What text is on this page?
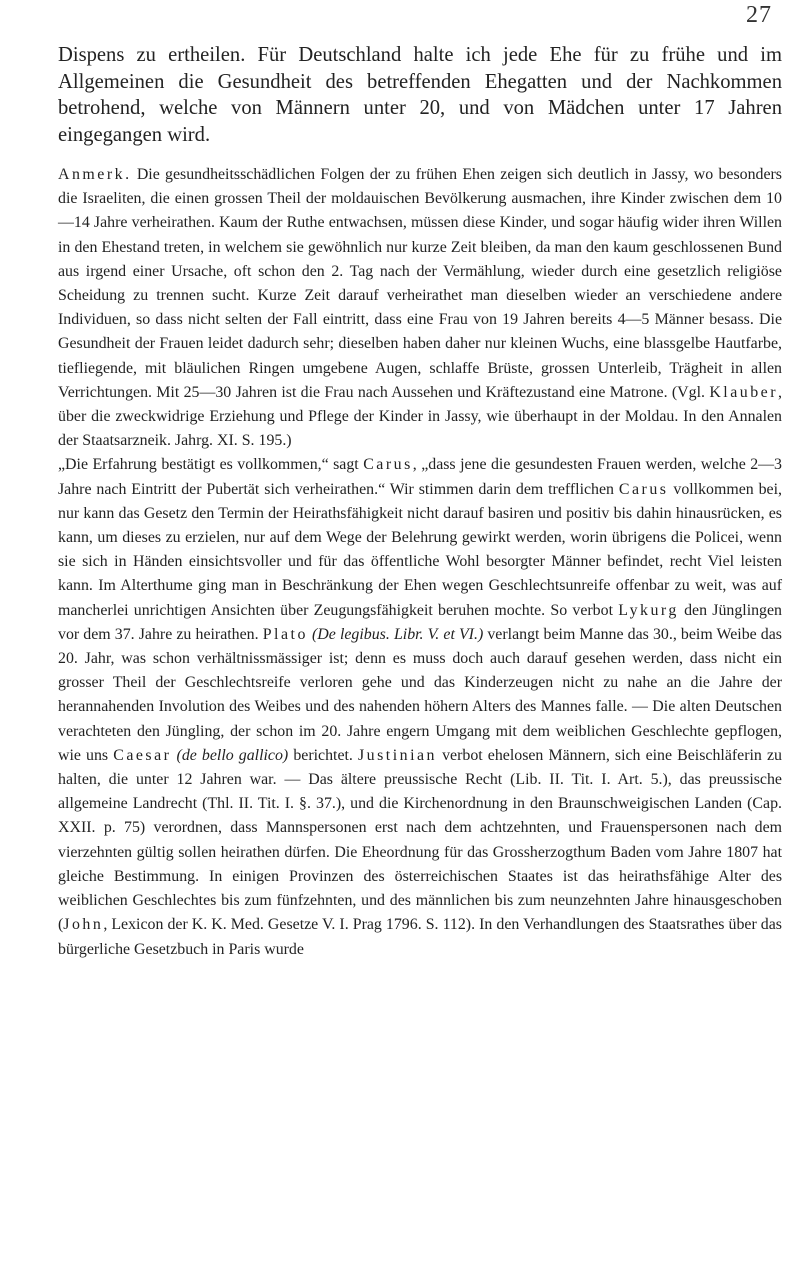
27

Dispens zu ertheilen. Für Deutschland halte ich jede Ehe für zu frühe und im Allgemeinen die Gesundheit des betreffenden Ehegatten und der Nachkommen betrohend, welche von Männern unter 20, und von Mädchen unter 17 Jahren eingegangen wird.

Anmerk. Die gesundheitsschädlichen Folgen der zu frühen Ehen zeigen sich deutlich in Jassy, wo besonders die Israeliten, die einen grossen Theil der moldauischen Bevölkerung ausmachen, ihre Kinder zwischen dem 10—14 Jahre verheirathen. Kaum der Ruthe entwachsen, müssen diese Kinder, und sogar häufig wider ihren Willen in den Ehestand treten, in welchem sie gewöhnlich nur kurze Zeit bleiben, da man den kaum geschlossenen Bund aus irgend einer Ursache, oft schon den 2. Tag nach der Vermählung, wieder durch eine gesetzlich religiöse Scheidung zu trennen sucht. Kurze Zeit darauf verheirathet man dieselben wieder an verschiedene andere Individuen, so dass nicht selten der Fall eintritt, dass eine Frau von 19 Jahren bereits 4—5 Männer besass. Die Gesundheit der Frauen leidet dadurch sehr; dieselben haben daher nur kleinen Wuchs, eine blassgelbe Hautfarbe, tiefliegende, mit bläulichen Ringen umgebene Augen, schlaffe Brüste, grossen Unterleib, Trägheit in allen Verrichtungen. Mit 25—30 Jahren ist die Frau nach Aussehen und Kräftezustand eine Matrone. (Vgl. Klauber, über die zweckwidrige Erziehung und Pflege der Kinder in Jassy, wie überhaupt in der Moldau. In den Annalen der Staatsarzneik. Jahrg. XI. S. 195.)

„Die Erfahrung bestätigt es vollkommen,“ sagt Carus, „dass jene die gesundesten Frauen werden, welche 2—3 Jahre nach Eintritt der Pubertät sich verheirathen.“ Wir stimmen darin dem trefflichen Carus vollkommen bei, nur kann das Gesetz den Termin der Heirathsfähigkeit nicht darauf basiren und positiv bis dahin hinausrücken, es kann, um dieses zu erzielen, nur auf dem Wege der Belehrung gewirkt werden, worin übrigens die Policei, wenn sie sich in Händen einsichtsvoller und für das öffentliche Wohl besorgter Männer befindet, recht Viel leisten kann. Im Alterthume ging man in Beschränkung der Ehen wegen Geschlechtsunreife offenbar zu weit, was auf mancherlei unrichtigen Ansichten über Zeugungsfähigkeit beruhen mochte. So verbot Lykurg den Jünglingen vor dem 37. Jahre zu heirathen. Plato (De legibus. Libr. V. et VI.) verlangt beim Manne das 30., beim Weibe das 20. Jahr, was schon verhältnissmässiger ist; denn es muss doch auch darauf gesehen werden, dass nicht ein grosser Theil der Geschlechtsreife verloren gehe und das Kinderzeugen nicht zu nahe an die Jahre der herannahenden Involution des Weibes und des nahenden höhern Alters des Mannes falle. — Die alten Deutschen verachteten den Jüngling, der schon im 20. Jahre engern Umgang mit dem weiblichen Geschlechte gepflogen, wie uns Caesar (de bello gallico) berichtet. Justinian verbot ehelosen Männern, sich eine Beischläferin zu halten, die unter 12 Jahren war. — Das ältere preussische Recht (Lib. II. Tit. I. Art. 5.), das preussische allgemeine Landrecht (Thl. II. Tit. I. §. 37.), und die Kirchenordnung in den Braunschweigischen Landen (Cap. XXII. p. 75) verordnen, dass Mannspersonen erst nach dem achtzehnten, und Frauenspersonen nach dem vierzehnten gültig sollen heirathen dürfen. Die Eheordnung für das Grossherzogthum Baden vom Jahre 1807 hat gleiche Bestimmung. In einigen Provinzen des österreichischen Staates ist das heirathsfähige Alter des weiblichen Geschlechtes bis zum fünfzehnten, und des männlichen bis zum neunzehnten Jahre hinausgeschoben (John, Lexicon der K. K. Med. Gesetze V. I. Prag 1796. S. 112). In den Verhandlungen des Staatsrathes über das bürgerliche Gesetzbuch in Paris wurde
